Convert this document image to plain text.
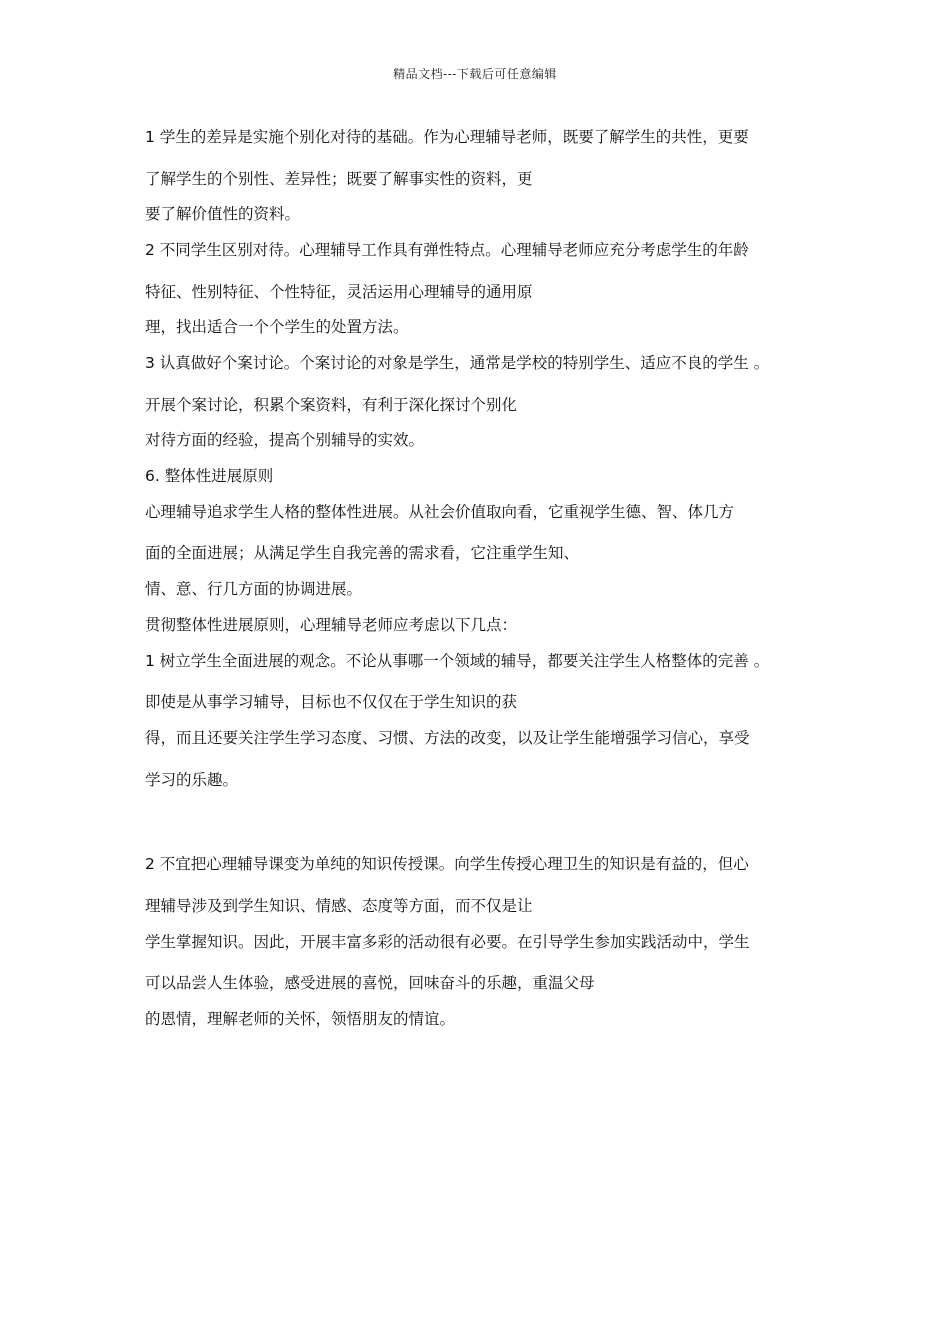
精品文档---下载后可任意编辑
1 学生的差异是实施个别化对待的基础。作为心理辅导老师，既要了解学生的共性，更要
了解学生的个别性、差异性；既要了解事实性的资料，更
要了解价值性的资料。
2 不同学生区别对待。心理辅导工作具有弹性特点。心理辅导老师应充分考虑学生的年龄
特征、性别特征、个性特征，灵活运用心理辅导的通用原
理，找出适合一个个学生的处置方法。
3 认真做好个案讨论。个案讨论的对象是学生，通常是学校的特别学生、适应不良的学生 。
开展个案讨论，积累个案资料，有利于深化探讨个别化
对待方面的经验，提高个别辅导的实效。
6. 整体性进展原则
心理辅导追求学生人格的整体性进展。从社会价值取向看，它重视学生德、智、体几方
面的全面进展；从满足学生自我完善的需求看，它注重学生知、
情、意、行几方面的协调进展。
贯彻整体性进展原则，心理辅导老师应考虑以下几点：
1 树立学生全面进展的观念。不论从事哪一个领域的辅导，都要关注学生人格整体的完善 。
即使是从事学习辅导，目标也不仅仅在于学生知识的获
得，而且还要关注学生学习态度、习惯、方法的改变，以及让学生能增强学习信心，享受
学习的乐趣。
2 不宜把心理辅导课变为单纯的知识传授课。向学生传授心理卫生的知识是有益的，但心
理辅导涉及到学生知识、情感、态度等方面，而不仅是让
学生掌握知识。因此，开展丰富多彩的活动很有必要。在引导学生参加实践活动中，学生
可以品尝人生体验，感受进展的喜悦，回味奋斗的乐趣，重温父母
的恩情，理解老师的关怀，领悟朋友的情谊。
